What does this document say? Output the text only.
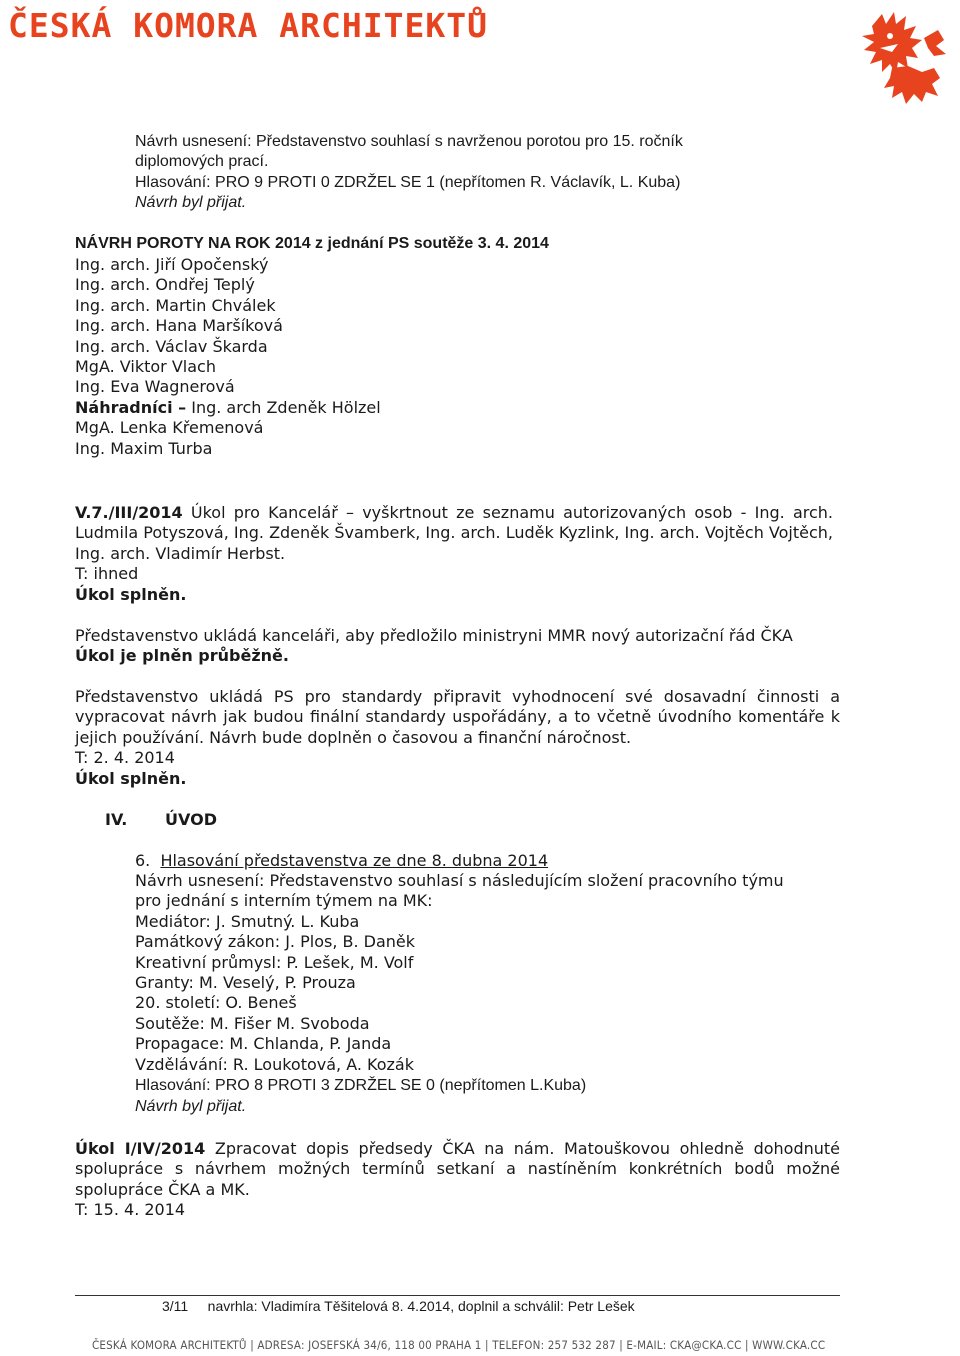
ČESKÁ KOMORA ARCHITEKTŮ
Návrh usnesení: Představenstvo souhlasí s navrženou porotou pro 15. ročník
diplomových prací.
Hlasování: PRO 9 PROTI 0 ZDRŽEL SE 1 (nepřítomen R. Václavík, L. Kuba)
Návrh byl přijat.
NÁVRH POROTY NA ROK 2014 z jednání PS soutěže 3. 4. 2014
Ing. arch. Jiří Opočenský
Ing. arch. Ondřej Teplý
Ing. arch. Martin Chválek
Ing. arch. Hana Maršíková
Ing. arch. Václav Škarda
MgA. Viktor Vlach
Ing. Eva Wagnerová
Náhradníci – Ing. arch Zdeněk Hölzel
MgA. Lenka Křemenová
Ing. Maxim Turba
V.7./III/2014 Úkol pro Kancelář – vyškrtnout ze seznamu autorizovaných osob - Ing. arch. Ludmila Potyszová, Ing. Zdeněk Švamberk, Ing. arch. Luděk Kyzlink, Ing. arch. Vojtěch Vojtěch, Ing. arch. Vladimír Herbst.
T: ihned
Úkol splněn.
Představenstvo ukládá kanceláři, aby předložilo ministryni MMR nový autorizační řád ČKA
Úkol je plněn průběžně.
Představenstvo ukládá PS pro standardy připravit vyhodnocení své dosavadní činnosti a vypracovat návrh jak budou finální standardy uspořádány, a to včetně úvodního komentáře k jejich používání. Návrh bude doplněn o časovou a finanční náročnost.
T: 2. 4. 2014
Úkol splněn.
IV. ÚVOD
6. Hlasování představenstva ze dne 8. dubna 2014
Návrh usnesení: Představenstvo souhlasí s následujícím složení pracovního týmu
pro jednání s interním týmem na MK:
Mediátor: J. Smutný. L. Kuba
Památkový zákon: J. Plos, B. Daněk
Kreativní průmysl: P. Lešek, M. Volf
Granty: M. Veselý, P. Prouza
20. století: O. Beneš
Soutěže: M. Fišer M. Svoboda
Propagace: M. Chlanda, P. Janda
Vzdělávání: R. Loukotová, A. Kozák
Hlasování: PRO 8 PROTI 3 ZDRŽEL SE 0 (nepřítomen L.Kuba)
Návrh byl přijat.
Úkol I/IV/2014 Zpracovat dopis předsedy ČKA na nám. Matouškovou ohledně dohodnuté spolupráce s návrhem možných termínů setkaní a nastíněním konkrétních bodů možné spolupráce ČKA a MK.
T: 15. 4. 2014
3/11 navrhla: Vladimíra Těšitelová 8. 4.2014, doplnil a schválil: Petr Lešek
ČESKÁ KOMORA ARCHITEKTŮ | ADRESA: JOSEFSKÁ 34/6, 118 00 PRAHA 1 | TELEFON: 257 532 287 | E-MAIL: CKA@CKA.CC | WWW.CKA.CC
